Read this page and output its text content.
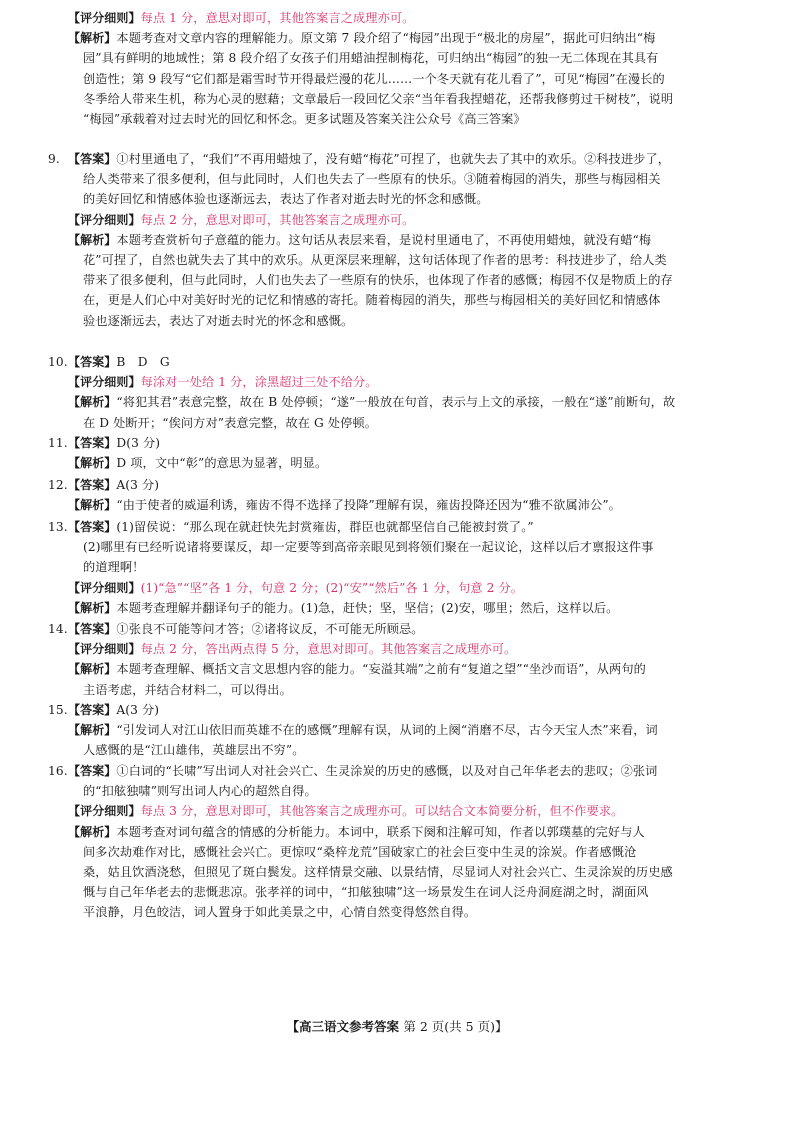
【评分细则】每点 1 分，意思对即可，其他答案言之成理亦可。
【解析】本题考查对文章内容的理解能力。原文第 7 段介绍了“梅园”出现于“极北的房屋”，据此可归纳出“梅
园”具有鲜明的地域性；第 8 段介绍了女孩子们用蜡油捏制梅花，可归纳出“梅园”的独一无二体现在其具有
创造性；第 9 段写“它们都是霜雪时节开得最烂漫的花儿……一个冬天就有花儿看了”，可见“梅园”在漫长的
冬季给人带来生机，称为心灵的慰藉；文章最后一段回忆父亲“当年看我捏蜡花，还帮我修剪过干树枝”，说明
“梅园”承载着对过去时光的回忆和怀念。更多试题及答案关注公众号《高三答案》
9. 【答案】①村里通电了，“我们”不再用蜡烛了，没有蜡“梅花”可捏了，也就失去了其中的欢乐。②科技进步了，
给人类带来了很多便利，但与此同时，人们也失去了一些原有的快乐。③随着梅园的消失，那些与梅园相关
的美好回忆和情感体验也逐渐远去，表达了作者对逝去时光的怀念和感慨。
【评分细则】每点 2 分，意思对即可，其他答案言之成理亦可。
【解析】本题考查赏析句子意蕴的能力。这句话从表层来看，是说村里通电了，不再使用蜡烛，就没有蜡“梅
花”可捏了，自然也就失去了其中的欢乐。从更深层来理解，这句话体现了作者的思考：科技进步了，给人类
带来了很多便利，但与此同时，人们也失去了一些原有的快乐，也体现了作者的感慨；梅园不仅是物质上的存
在，更是人们心中对美好时光的记忆和情感的寄托。随着梅园的消失，那些与梅园相关的美好回忆和情感体
验也逐渐远去，表达了对逝去时光的怀念和感慨。
10. 【答案】B　D　G
【评分细则】每涂对一处给 1 分，涂黑超过三处不给分。
【解析】“将犯其君”表意完整，故在 B 处停顿；“遂”一般放在句首，表示与上文的承接，一般在“遂”前断句，故
在 D 处断开；“俟问方对”表意完整，故在 G 处停顿。
11. 【答案】D(3 分)
【解析】D 项，文中“彰”的意思为显著，明显。
12. 【答案】A(3 分)
【解析】“由于使者的威逼利诱，雍齿不得不选择了投降”理解有误，雍齿投降还因为“雅不欲属沛公”。
13. 【答案】(1)留侯说：“那么现在就赶快先封赏雍齿，群臣也就都坚信自己能被封赏了。”
(2)哪里有已经听说诸将要谋反，却一定要等到高帝亲眼见到将领们聚在一起议论，这样以后才禀报这件事
的道理啊！
【评分细则】(1)“急”“坚”各 1 分，句意 2 分；(2)“安”“然后”各 1 分，句意 2 分。
【解析】本题考查理解并翻译句子的能力。(1)急，赶快；坚，坚信；(2)安，哪里；然后，这样以后。
14. 【答案】①张良不可能等问才答；②诸将议反，不可能无所顾忌。
【评分细则】每点 2 分，答出两点得 5 分，意思对即可。其他答案言之成理亦可。
【解析】本题考查理解、概括文言文思想内容的能力。“妄溢其端”之前有“复道之望”“坐沙而语”，从两句的
主语考虑，并结合材料二，可以得出。
15. 【答案】A(3 分)
【解析】“引发词人对江山依旧而英雄不在的感慨”理解有误，从词的上阕“消磨不尽，古今天宝人杰”来看，词
人感慨的是“江山雄伟，英雄层出不穷”。
16. 【答案】①白词的“长啸”写出词人对社会兴亡、生灵涂炭的历史的感慨，以及对自己年华老去的悲叹；②张词
的“扣舷独啸”则写出词人内心的超然自得。
【评分细则】每点 3 分，意思对即可，其他答案言之成理亦可。可以结合文本简要分析，但不作要求。
【解析】本题考查对词句蕴含的情感的分析能力。本词中，联系下阕和注解可知，作者以郭璞墓的完好与人
间多次劫难作对比，感慨社会兴亡。更惊叹“桑梓龙荒”国破家亡的社会巨变中生灵的涂炭。作者感慨沧
桑，姑且饮酒浇愁，但照见了斑白鬓发。这样情景交融、以景结情，尽显词人对社会兴亡、生灵涂炭的历史感
慨与自己年华老去的悲慨悲凉。张孝祥的词中，“扣舷独啸”这一场景发生在词人泛舟洞庭湖之时，湖面风
平浪静，月色皎洁，词人置身于如此美景之中，心情自然变得悠然自得。
【高三语文参考答案 第 2 页(共 5 页)】
